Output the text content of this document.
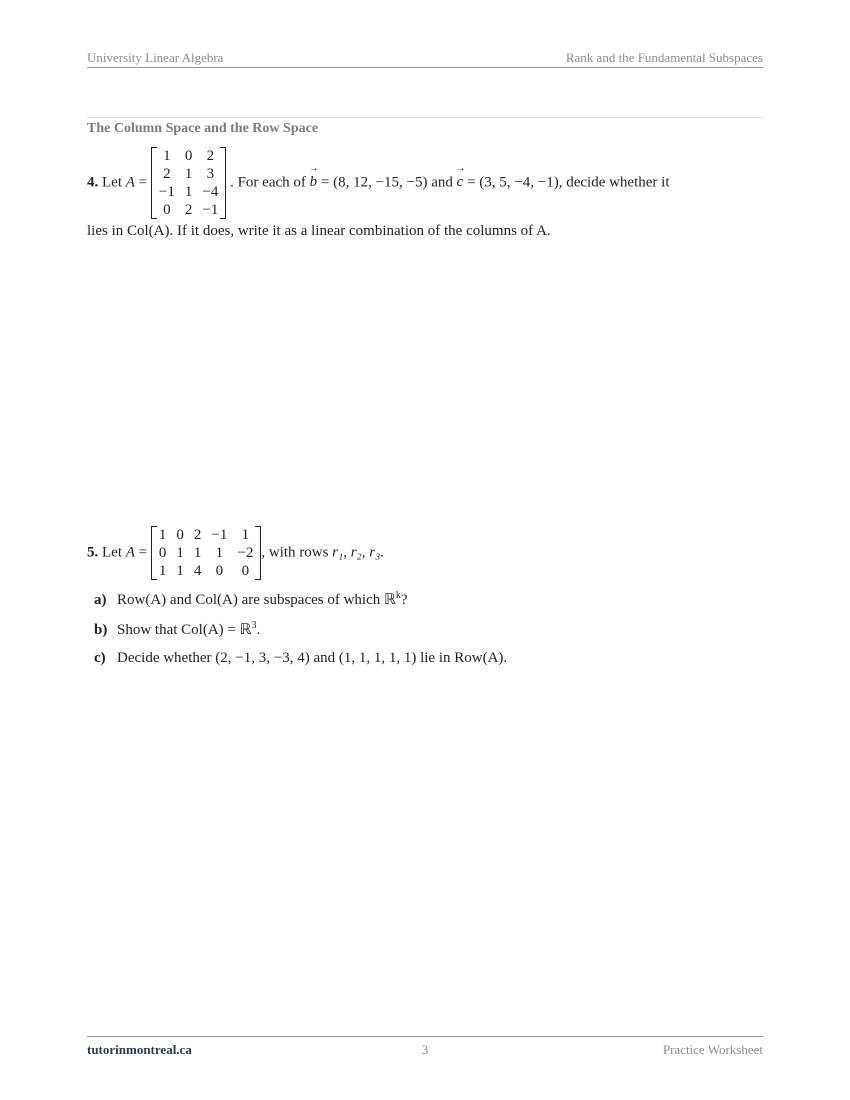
University Linear Algebra	Rank and the Fundamental Subspaces
The Column Space and the Row Space
4. Let A =
1	0	2
2	1	3
−1	1	−4
0	2	−1
. For each of → b = (8, 12, −15, −5) and → c = (3, 5, −4, −1), decide whether it
lies in Col(A). If it does, write it as a linear combination of the columns of A.
5. Let A =
1	0	2	−1	1
0	1	1	1	−2
1	1	4	0	0
, with rows r₁, r₂, r₃.
a) Row(A) and Col(A) are subspaces of which ℝ$^k$?
b) Show that Col(A) = ℝ$^3$.
c) Decide whether (2, −1, 3, −3, 4) and (1, 1, 1, 1, 1) lie in Row(A).
tutorinmontreal.ca	3	Practice Worksheet
